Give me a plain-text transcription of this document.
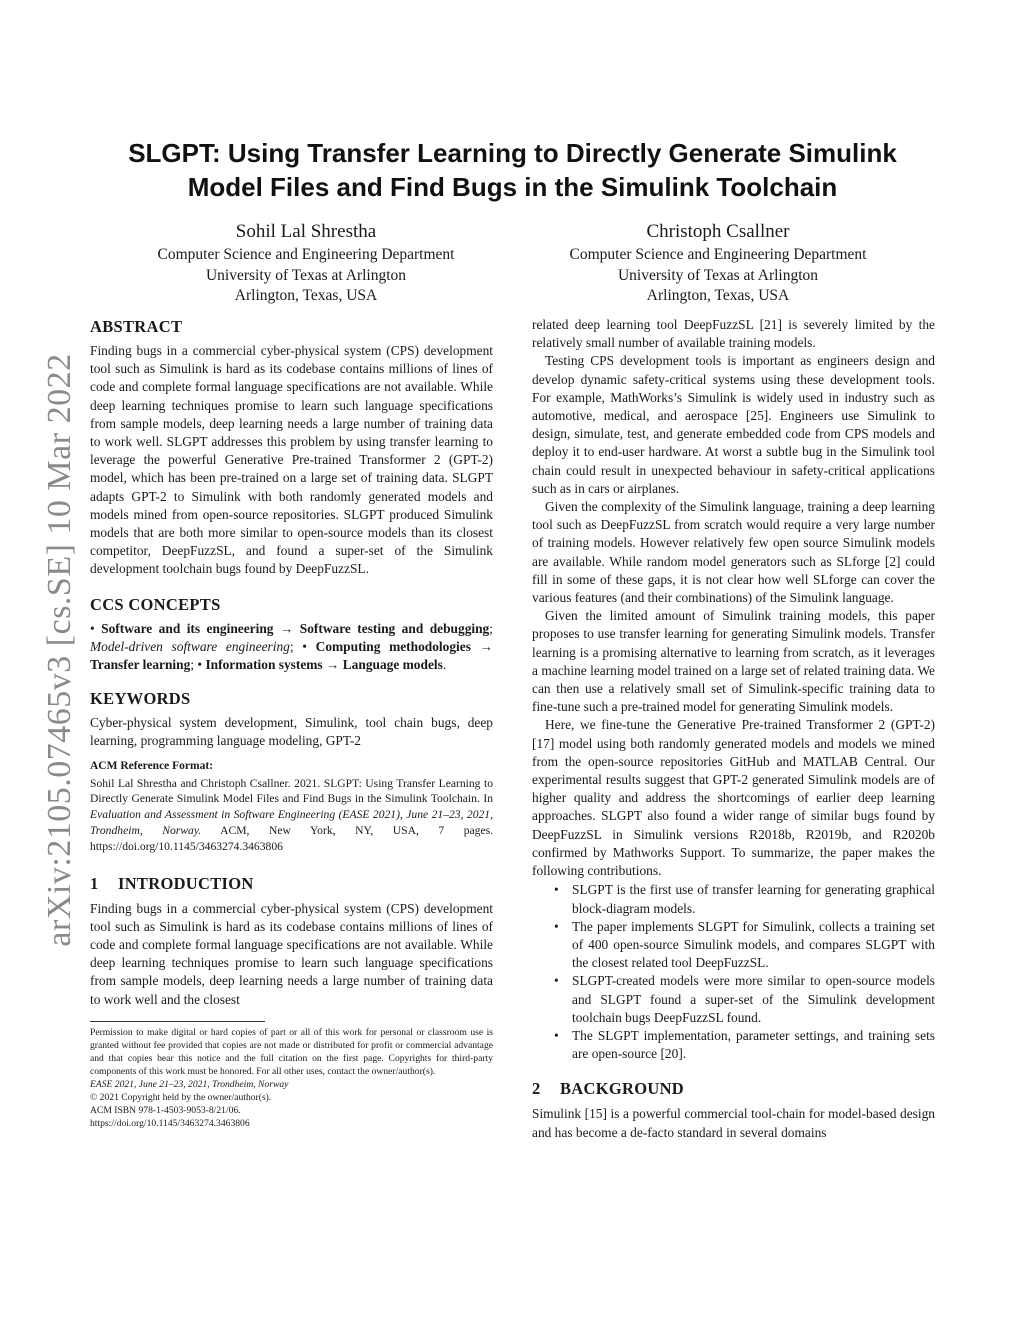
arXiv:2105.07465v3 [cs.SE] 10 Mar 2022
SLGPT: Using Transfer Learning to Directly Generate Simulink
Model Files and Find Bugs in the Simulink Toolchain
Sohil Lal Shrestha
Computer Science and Engineering Department
University of Texas at Arlington
Arlington, Texas, USA
Christoph Csallner
Computer Science and Engineering Department
University of Texas at Arlington
Arlington, Texas, USA
ABSTRACT

Finding bugs in a commercial cyber-physical system (CPS) development tool such as Simulink is hard as its codebase contains millions of lines of code and complete formal language specifications are not available. While deep learning techniques promise to learn such language specifications from sample models, deep learning needs a large number of training data to work well. SLGPT addresses this problem by using transfer learning to leverage the powerful Generative Pre-trained Transformer 2 (GPT-2) model, which has been pre-trained on a large set of training data. SLGPT adapts GPT-2 to Simulink with both randomly generated models and models mined from open-source repositories. SLGPT produced Simulink models that are both more similar to open-source models than its closest competitor, DeepFuzzSL, and found a super-set of the Simulink development toolchain bugs found by DeepFuzzSL.

CCS CONCEPTS

• Software and its engineering → Software testing and debugging; Model-driven software engineering; • Computing methodologies → Transfer learning; • Information systems → Language models.

KEYWORDS

Cyber-physical system development, Simulink, tool chain bugs, deep learning, programming language modeling, GPT-2

ACM Reference Format:

Sohil Lal Shrestha and Christoph Csallner. 2021. SLGPT: Using Transfer Learning to Directly Generate Simulink Model Files and Find Bugs in the Simulink Toolchain. In Evaluation and Assessment in Software Engineering (EASE 2021), June 21–23, 2021, Trondheim, Norway. ACM, New York, NY, USA, 7 pages. https://doi.org/10.1145/3463274.3463806

1 INTRODUCTION

Finding bugs in a commercial cyber-physical system (CPS) development tool such as Simulink is hard as its codebase contains millions of lines of code and complete formal language specifications are not available. While deep learning techniques promise to learn such language specifications from sample models, deep learning needs a large number of training data to work well and the closest

Permission to make digital or hard copies of part or all of this work for personal or classroom use is granted without fee provided that copies are not made or distributed for profit or commercial advantage and that copies bear this notice and the full citation on the first page. Copyrights for third-party components of this work must be honored. For all other uses, contact the owner/author(s).
EASE 2021, June 21–23, 2021, Trondheim, Norway
© 2021 Copyright held by the owner/author(s).
ACM ISBN 978-1-4503-9053-8/21/06.
https://doi.org/10.1145/3463274.3463806

related deep learning tool DeepFuzzSL [21] is severely limited by the relatively small number of available training models.

Testing CPS development tools is important as engineers design and develop dynamic safety-critical systems using these development tools. For example, MathWorks’s Simulink is widely used in industry such as automotive, medical, and aerospace [25]. Engineers use Simulink to design, simulate, test, and generate embedded code from CPS models and deploy it to end-user hardware. At worst a subtle bug in the Simulink tool chain could result in unexpected behaviour in safety-critical applications such as in cars or airplanes.

Given the complexity of the Simulink language, training a deep learning tool such as DeepFuzzSL from scratch would require a very large number of training models. However relatively few open source Simulink models are available. While random model generators such as SLforge [2] could fill in some of these gaps, it is not clear how well SLforge can cover the various features (and their combinations) of the Simulink language.

Given the limited amount of Simulink training models, this paper proposes to use transfer learning for generating Simulink models. Transfer learning is a promising alternative to learning from scratch, as it leverages a machine learning model trained on a large set of related training data. We can then use a relatively small set of Simulink-specific training data to fine-tune such a pre-trained model for generating Simulink models.

Here, we fine-tune the Generative Pre-trained Transformer 2 (GPT-2) [17] model using both randomly generated models and models we mined from the open-source repositories GitHub and MATLAB Central. Our experimental results suggest that GPT-2 generated Simulink models are of higher quality and address the shortcomings of earlier deep learning approaches. SLGPT also found a wider range of similar bugs found by DeepFuzzSL in Simulink versions R2018b, R2019b, and R2020b confirmed by Mathworks Support. To summarize, the paper makes the following contributions.

• SLGPT is the first use of transfer learning for generating graphical block-diagram models.
• The paper implements SLGPT for Simulink, collects a training set of 400 open-source Simulink models, and compares SLGPT with the closest related tool DeepFuzzSL.
• SLGPT-created models were more similar to open-source models and SLGPT found a super-set of the Simulink development toolchain bugs DeepFuzzSL found.
• The SLGPT implementation, parameter settings, and training sets are open-source [20].
2 BACKGROUND

Simulink [15] is a powerful commercial tool-chain for model-based design and has become a de-facto standard in several domains
